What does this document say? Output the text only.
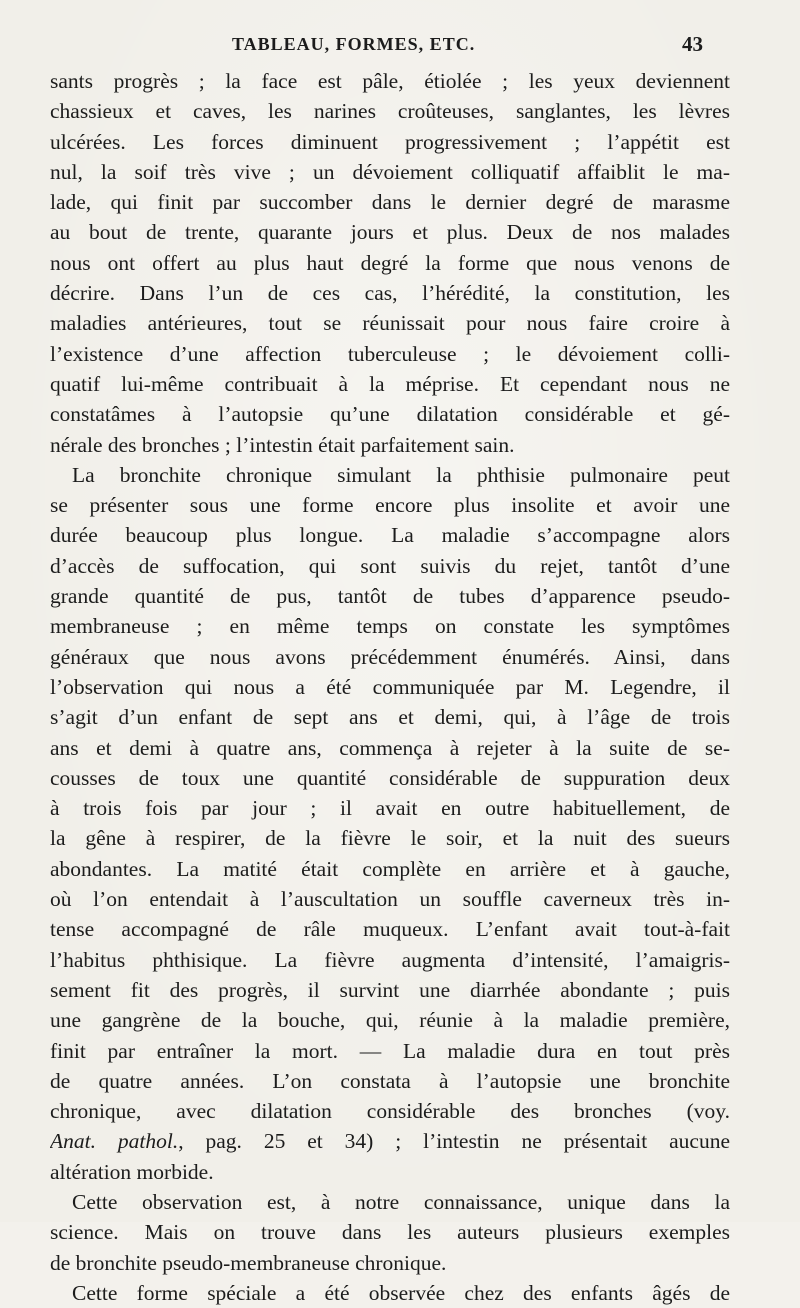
TABLEAU, FORMES, ETC.	43
sants progrès ; la face est pâle, étiolée ; les yeux deviennent
chassieux et caves, les narines croûteuses, sanglantes, les lèvres
ulcérées. Les forces diminuent progressivement ; l’appétit est
nul, la soif très vive ; un dévoiement colliquatif affaiblit le ma-
lade, qui finit par succomber dans le dernier degré de marasme
au bout de trente, quarante jours et plus. Deux de nos malades
nous ont offert au plus haut degré la forme que nous venons de
décrire. Dans l’un de ces cas, l’hérédité, la constitution, les
maladies antérieures, tout se réunissait pour nous faire croire à
l’existence d’une affection tuberculeuse ; le dévoiement colli-
quatif lui-même contribuait à la méprise. Et cependant nous ne
constatâmes à l’autopsie qu’une dilatation considérable et gé-
nérale des bronches ; l’intestin était parfaitement sain.
La bronchite chronique simulant la phthisie pulmonaire peut
se présenter sous une forme encore plus insolite et avoir une
durée beaucoup plus longue. La maladie s’accompagne alors
d’accès de suffocation, qui sont suivis du rejet, tantôt d’une
grande quantité de pus, tantôt de tubes d’apparence pseudo-
membraneuse ; en même temps on constate les symptômes
généraux que nous avons précédemment énumérés. Ainsi, dans
l’observation qui nous a été communiquée par M. Legendre, il
s’agit d’un enfant de sept ans et demi, qui, à l’âge de trois
ans et demi à quatre ans, commença à rejeter à la suite de se-
cousses de toux une quantité considérable de suppuration deux
à trois fois par jour ; il avait en outre habituellement, de
la gêne à respirer, de la fièvre le soir, et la nuit des sueurs
abondantes. La matité était complète en arrière et à gauche,
où l’on entendait à l’auscultation un souffle caverneux très in-
tense accompagné de râle muqueux. L’enfant avait tout-à-fait
l’habitus phthisique. La fièvre augmenta d’intensité, l’amaigris-
sement fit des progrès, il survint une diarrhée abondante ; puis
une gangrène de la bouche, qui, réunie à la maladie première,
finit par entraîner la mort. — La maladie dura en tout près
de quatre années. L’on constata à l’autopsie une bronchite
chronique, avec dilatation considérable des bronches (voy.
Anat. pathol., pag. 25 et 34) ; l’intestin ne présentait aucune
altération morbide.
Cette observation est, à notre connaissance, unique dans la
science. Mais on trouve dans les auteurs plusieurs exemples
de bronchite pseudo-membraneuse chronique.
Cette forme spéciale a été observée chez des enfants âgés de
